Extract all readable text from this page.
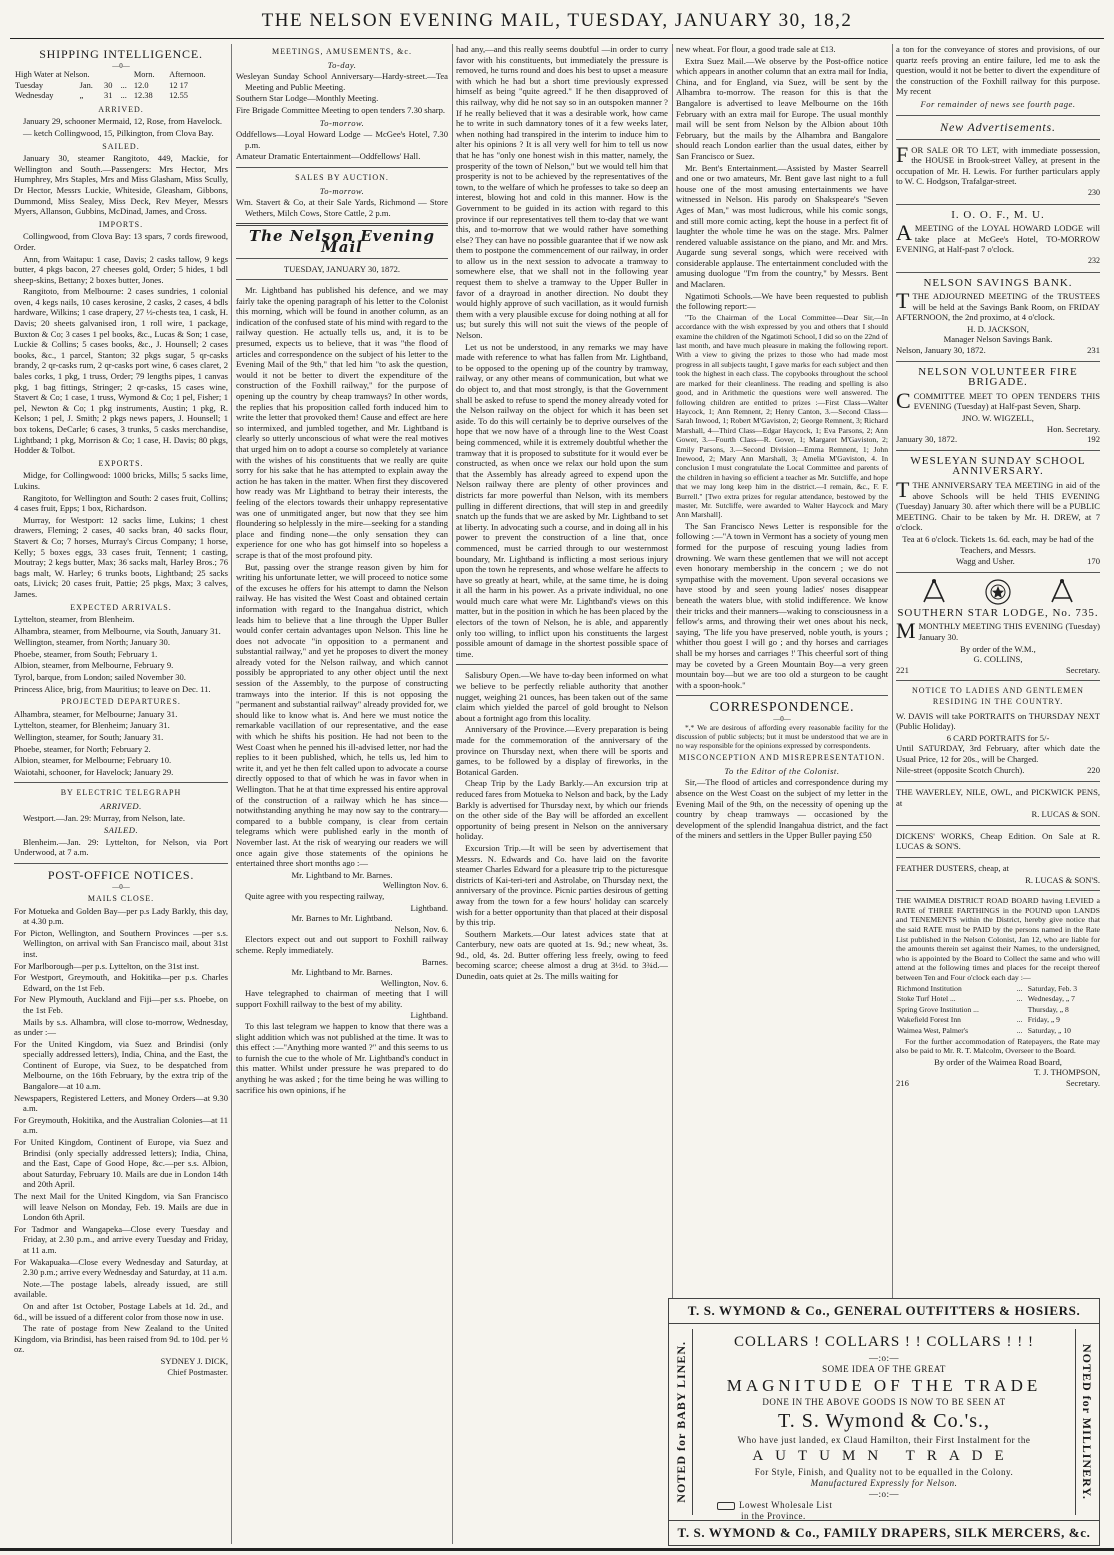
THE NELSON EVENING MAIL, TUESDAY, JANUARY 30, 18,2
SHIPPING INTELLIGENCE.
—0—
High Water at Nelson.				Morn.	Afternoon.
Tuesday	Jan.	30	...	12.0	12 17
Wednesday	„	31	...	12.38	12.55
ARRIVED.

January 29, schooner Mermaid, 12, Rose, from Havelock.

— ketch Collingwood, 15, Pilkington, from Clova Bay.

SAILED.

January 30, steamer Rangitoto, 449, Mackie, for Wellington and South.—Passengers: Mrs Hector, Mrs Humphrey, Mrs Staples, Mrs and Miss Glasham, Miss Scully, Dr Hector, Messrs Luckie, Whiteside, Gleasham, Gibbons, Dummond, Miss Sealey, Miss Deck, Rev Meyer, Messrs Myers, Allanson, Gubbins, McDinad, James, and Cross.

IMPORTS.

Collingwood, from Clova Bay: 13 spars, 7 cords firewood, Order.

Ann, from Waitapu: 1 case, Davis; 2 casks tallow, 9 kegs butter, 4 pkgs bacon, 27 cheeses gold, Order; 5 hides, 1 bdl sheep-skins, Bettany; 2 boxes butter, Jones.

Rangitoto, from Melbourne: 2 cases sundries, 1 colonial oven, 4 kegs nails, 10 cases kerosine, 2 casks, 2 cases, 4 bdls hardware, Wilkins; 1 case drapery, 27 ½-chests tea, 1 cask, H. Davis; 20 sheets galvanised iron, 1 roll wire, 1 package, Buxton & Co; 3 cases 1 pel books, &c., Lucas & Son; 1 case, Luckie & Collins; 5 cases books, &c., J. Hounsell; 2 cases books, &c., 1 parcel, Stanton; 32 pkgs sugar, 5 qr-casks brandy, 2 qr-casks rum, 2 qr-casks port wine, 6 cases claret, 2 bales corks, 1 pkg, 1 truss, Order; 79 lengths pipes, 1 canvas pkg, 1 bag fittings, Stringer; 2 qr-casks, 15 cases wine, Stavert & Co; 1 case, 1 truss, Wymond & Co; 1 pel, Fisher; 1 pel, Newton & Co; 1 pkg instruments, Austin; 1 pkg, R. Kelson; 1 pel, J. Smith; 2 pkgs news papers, J. Hounsell; 1 box tokens, DeCarle; 6 cases, 3 trunks, 5 casks merchandise, Lightband; 1 pkg, Morrison & Co; 1 case, H. Davis; 80 pkgs, Hodder & Tolbot.

EXPORTS.

Midge, for Collingwood: 1000 bricks, Mills; 5 sacks lime, Lukins.

Rangitoto, for Wellington and South: 2 cases fruit, Collins; 4 cases fruit, Epps; 1 box, Richardson.

Murray, for Westport: 12 sacks lime, Lukins; 1 chest drawers, Fleming; 2 cases, 40 sacks bran, 40 sacks flour, Stavert & Co; 7 horses, Murray's Circus Company; 1 horse, Kelly; 5 boxes eggs, 33 cases fruit, Tennent; 1 casting, Moutray; 2 kegs butter, Max; 36 sacks malt, Harley Bros.; 76 bags malt, W. Harley; 6 trunks boots, Lightband; 25 sacks oats, Livick; 20 cases fruit, Pattie; 25 pkgs, Max; 3 calves, James.

EXPECTED ARRIVALS.

Lyttelton, steamer, from Blenheim.

Alhambra, steamer, from Melbourne, via South, January 31.

Wellington, steamer, from North; January 30.

Phoebe, steamer, from South; February 1.

Albion, steamer, from Melbourne, February 9.

Tyrol, barque, from London; sailed November 30.

Princess Alice, brig, from Mauritius; to leave on Dec. 11.

PROJECTED DEPARTURES.

Alhambra, steamer, for Melbourne; January 31.

Lyttelton, steamer, for Blenheim; January 31.

Wellington, steamer, for South; January 31.

Phoebe, steamer, for North; February 2.

Albion, steamer, for Melbourne; February 10.

Waiotahi, schooner, for Havelock; January 29.

BY ELECTRIC TELEGRAPH
ARRIVED.

Westport.—Jan. 29: Murray, from Nelson, late.

SAILED.

Blenheim.—Jan. 29: Lyttelton, for Nelson, via Port Underwood, at 7 a.m.

POST-OFFICE NOTICES.
—0—
MAILS CLOSE.

For Motueka and Golden Bay—per p.s Lady Barkly, this day, at 4.30 p.m.

For Picton, Wellington, and Southern Provinces —per s.s. Wellington, on arrival with San Francisco mail, about 31st inst.

For Marlborough—per p.s. Lyttelton, on the 31st inst.

For Westport, Greymouth, and Hokitika—per p.s. Charles Edward, on the 1st Feb.

For New Plymouth, Auckland and Fiji—per s.s. Phoebe, on the 1st Feb.

Mails by s.s. Alhambra, will close to-morrow, Wednesday, as under :—

For the United Kingdom, via Suez and Brindisi (only specially addressed letters), India, China, and the East, the Continent of Europe, via Suez, to be despatched from Melbourne, on the 16th February, by the extra trip of the Bangalore—at 10 a.m.

Newspapers, Registered Letters, and Money Orders—at 9.30 a.m.

For Greymouth, Hokitika, and the Australian Colonies—at 11 a.m.

For United Kingdom, Continent of Europe, via Suez and Brindisi (only specially addressed letters); India, China, and the East, Cape of Good Hope, &c.—per s.s. Albion, about Saturday, February 10. Mails are due in London 14th and 20th April.

The next Mail for the United Kingdom, via San Francisco will leave Nelson on Monday, Feb. 19. Mails are due in London 6th April.

For Tadmor and Wangapeka—Close every Tuesday and Friday, at 2.30 p.m., and arrive every Tuesday and Friday, at 11 a.m.

For Wakapuaka—Close every Wednesday and Saturday, at 2.30 p.m.; arrive every Wednesday and Saturday, at 11 a.m.

Note.—The postage labels, already issued, are still available.

On and after 1st October, Postage Labels at 1d. 2d., and 6d., will be issued of a different color from those now in use.

The rate of postage from New Zealand to the United Kingdom, via Brindisi, has been raised from 9d. to 10d. per ½ oz.

SYDNEY J. DICK,
Chief Postmaster.
MEETINGS, AMUSEMENTS, &c.
To-day.

Wesleyan Sunday School Anniversary—Hardy-street.—Tea Meeting and Public Meeting.

Southern Star Lodge—Monthly Meeting.

Fire Brigade Committee Meeting to open tenders 7.30 sharp.

To-morrow.

Oddfellows—Loyal Howard Lodge — McGee's Hotel, 7.30 p.m.

Amateur Dramatic Entertainment—Oddfellows' Hall.

SALES BY AUCTION.
To-morrow.

Wm. Stavert & Co, at their Sale Yards, Richmond — Store Wethers, Milch Cows, Store Cattle, 2 p.m.

The Nelson Evening Mail
TUESDAY, JANUARY 30, 1872.

Mr. Lightband has published his defence, and we may fairly take the opening paragraph of his letter to the Colonist this morning, which will be found in another column, as an indication of the confused state of his mind with regard to the railway question. He actually tells us, and, it is to be presumed, expects us to believe, that it was "the flood of articles and correspondence on the subject of his letter to the Evening Mail of the 9th," that led him "to ask the question, would it not be better to divert the expenditure of the construction of the Foxhill railway," for the purpose of opening up the country by cheap tramways? In other words, the replies that his proposition called forth induced him to write the letter that provoked them! Cause and effect are here so intermixed, and jumbled together, and Mr. Lightband is clearly so utterly unconscious of what were the real motives that urged him on to adopt a course so completely at variance with the wishes of his constituents that we really are quite sorry for his sake that he has attempted to explain away the action he has taken in the matter. When first they discovered how ready was Mr Lightband to betray their interests, the feeling of the electors towards their unhappy representative was one of unmitigated anger, but now that they see him floundering so helplessly in the mire—seeking for a standing place and finding none—the only sensation they can experience for one who has got himself into so hopeless a scrape is that of the most profound pity.

But, passing over the strange reason given by him for writing his unfortunate letter, we will proceed to notice some of the excuses he offers for his attempt to damn the Nelson railway. He has visited the West Coast and obtained certain information with regard to the Inangahua district, which leads him to believe that a line through the Upper Buller would confer certain advantages upon Nelson. This line he does not advocate "in opposition to a permanent and substantial railway," and yet he proposes to divert the money already voted for the Nelson railway, and which cannot possibly be appropriated to any other object until the next session of the Assembly, to the purpose of constructing tramways into the interior. If this is not opposing the "permanent and substantial railway" already provided for, we should like to know what is. And here we must notice the remarkable vacillation of our representative, and the ease with which he shifts his position. He had not been to the West Coast when he penned his ill-advised letter, nor had the replies to it been published, which, he tells us, led him to write it, and yet he then felt called upon to advocate a course directly opposed to that of which he was in favor when in Wellington. That he at that time expressed his entire approval of the construction of a railway which he has since—notwithstanding anything he may now say to the contrary—compared to a bubble company, is clear from certain telegrams which were published early in the month of November last. At the risk of wearying our readers we will once again give those statements of the opinions he entertained three short months ago :—

Mr. Lightband to Mr. Barnes.
Wellington Nov. 6.

Quite agree with you respecting railway,

Lightband.
Mr. Barnes to Mr. Lightband.
Nelson, Nov. 6.

Electors expect out and out support to Foxhill railway scheme. Reply immediately.

Barnes.
Mr. Lightband to Mr. Barnes.
Wellington, Nov. 6.

Have telegraphed to chairman of meeting that I will support Foxhill railway to the best of my ability.

Lightband.

To this last telegram we happen to know that there was a slight addition which was not published at the time. It was to this effect :—"Anything more wanted ?" and this seems to us to furnish the cue to the whole of Mr. Lightband's conduct in this matter. Whilst under pressure he was prepared to do anything he was asked ; for the time being he was willing to sacrifice his own opinions, if he

had any,—and this really seems doubtful —in order to curry favor with his constituents, but immediately the pressure is removed, he turns round and does his best to upset a measure with which he had but a short time previously expressed himself as being "quite agreed." If he then disapproved of this railway, why did he not say so in an outspoken manner ? If he really believed that it was a desirable work, how came he to write in such damnatory tones of it a few weeks later, when nothing had transpired in the interim to induce him to alter his opinions ? It is all very well for him to tell us now that he has "only one honest wish in this matter, namely, the prosperity of the town of Nelson," but we would tell him that prosperity is not to be achieved by the representatives of the town, to the welfare of which he professes to take so deep an interest, blowing hot and cold in this manner. How is the Government to be guided in its action with regard to this province if our representatives tell them to-day that we want this, and to-morrow that we would rather have something else? They can have no possible guarantee that if we now ask them to postpone the commencement of our railway, in order to allow us in the next session to advocate a tramway to somewhere else, that we shall not in the following year request them to shelve a tramway to the Upper Buller in favor of a drayroad in another direction. No doubt they would highly approve of such vacillation, as it would furnish them with a very plausible excuse for doing nothing at all for us; but surely this will not suit the views of the people of Nelson.

Let us not be understood, in any remarks we may have made with reference to what has fallen from Mr. Lightband, to be opposed to the opening up of the country by tramway, railway, or any other means of communication, but what we do object to, and that most strongly, is that the Government shall be asked to refuse to spend the money already voted for the Nelson railway on the object for which it has been set aside. To do this will certainly be to deprive ourselves of the hope that we now have of a through line to the West Coast being commenced, while it is extremely doubtful whether the tramway that it is proposed to substitute for it would ever be constructed, as when once we relax our hold upon the sum that the Assembly has already agreed to expend upon the Nelson railway there are plenty of other provinces and districts far more powerful than Nelson, with its members pulling in different directions, that will step in and greedily snatch up the funds that we are asked by Mr. Lightband to set at liberty. In advocating such a course, and in doing all in his power to prevent the construction of a line that, once commenced, must be carried through to our westernmost boundary, Mr. Lightband is inflicting a most serious injury upon the town he represents, and whose welfare he affects to have so greatly at heart, while, at the same time, he is doing it all the harm in his power. As a private individual, no one would much care what were Mr. Lightband's views on this matter, but in the position in which he has been placed by the electors of the town of Nelson, he is able, and apparently only too willing, to inflict upon his constituents the largest possible amount of damage in the shortest possible space of time.

Salisbury Open.—We have to-day been informed on what we believe to be perfectly reliable authority that another nugget, weighing 21 ounces, has been taken out of the same claim which yielded the parcel of gold brought to Nelson about a fortnight ago from this locality.

Anniversary of the Province.—Every preparation is being made for the commemoration of the anniversary of the province on Thursday next, when there will be sports and games, to be followed by a display of fireworks, in the Botanical Garden.

Cheap Trip by the Lady Barkly.—An excursion trip at reduced fares from Motueka to Nelson and back, by the Lady Barkly is advertised for Thursday next, by which our friends on the other side of the Bay will be afforded an excellent opportunity of being present in Nelson on the anniversary holiday.

Excursion Trip.—It will be seen by advertisement that Messrs. N. Edwards and Co. have laid on the favorite steamer Charles Edward for a pleasure trip to the picturesque districts of Kai-teri-teri and Astrolabe, on Thursday next, the anniversary of the province. Picnic parties desirous of getting away from the town for a few hours' holiday can scarcely wish for a better opportunity than that placed at their disposal by this trip.

Southern Markets.—Our latest advices state that at Canterbury, new oats are quoted at 1s. 9d.; new wheat, 3s. 9d., old, 4s. 2d. Butter offering less freely, owing to feed becoming scarce; cheese almost a drug at 3½d. to 3¾d.—Dunedin, oats quiet at 2s. The mills waiting for

new wheat. For flour, a good trade sale at £13.

Extra Suez Mail.—We observe by the Post-office notice which appears in another column that an extra mail for India, China, and for England, via Suez, will be sent by the Alhambra to-morrow. The reason for this is that the Bangalore is advertised to leave Melbourne on the 16th February with an extra mail for Europe. The usual monthly mail will be sent from Nelson by the Albion about 10th February, but the mails by the Alhambra and Bangalore should reach London earlier than the usual dates, either by San Francisco or Suez.

Mr. Bent's Entertainment.—Assisted by Master Searrell and one or two amateurs, Mr. Bent gave last night to a full house one of the most amusing entertainments we have witnessed in Nelson. His parody on Shakspeare's "Seven Ages of Man," was most ludicrous, while his comic songs, and still more comic acting, kept the house in a perfect fit of laughter the whole time he was on the stage. Mrs. Palmer rendered valuable assistance on the piano, and Mr. and Mrs. Augarde sung several songs, which were received with considerable applause. The entertainment concluded with the amusing duologue "I'm from the country," by Messrs. Bent and Maclaren.

Ngatimoti Schools.—We have been requested to publish the following report:—

"To the Chairman of the Local Committee—Dear Sir,—In accordance with the wish expressed by you and others that I should examine the children of the Ngatimoti School, I did so on the 22nd of last month, and have much pleasure in making the following report. With a view to giving the prizes to those who had made most progress in all subjects taught, I gave marks for each subject and then took the highest in each class. The copybooks throughout the school are marked for their cleanliness. The reading and spelling is also good, and in Arithmetic the questions were well answered. The following children are entitled to prizes :—First Class—Walter Haycock, 1; Ann Remnent, 2; Henry Canton, 3.—Second Class—Sarah Inwood, 1; Robert M'Gaviston, 2; George Remnent, 3; Richard Marshall, 4—Third Class—Edgar Haycock, 1; Eva Parsons, 2; Ann Gower, 3.—Fourth Class—R. Gover, 1; Margaret M'Gaviston, 2; Emily Parsons, 3.—Second Division—Emma Remnent, 1; John Inewood, 2; Mary Ann Marshall, 3; Amelia M'Gaviston, 4. In conclusion I must congratulate the Local Committee and parents of the children in having so efficient a teacher as Mr. Sutcliffe, and hope that we may long keep him in the district.—I remain, &c., F. F. Burrell." [Two extra prizes for regular attendance, bestowed by the master, Mr. Sutcliffe, were awarded to Walter Haycock and Mary Ann Marshall].

The San Francisco News Letter is responsible for the following :—"A town in Vermont has a society of young men formed for the purpose of rescuing young ladies from drowning. We warn these gentlemen that we will not accept even honorary membership in the concern ; we do not sympathise with the movement. Upon several occasions we have stood by and seen young ladies' noses disappear beneath the waters blue, with stolid indifference. We know their tricks and their manners—waking to consciousness in a fellow's arms, and throwing their wet ones about his neck, saying, 'The life you have preserved, noble youth, is yours ; whither thou goest I will go ; and thy horses and carriages shall be my horses and carriages !' This cheerful sort of thing may be coveted by a Green Mountain Boy—a very green mountain boy—but we are too old a sturgeon to be caught with a spoon-hook."

CORRESPONDENCE.
—0—

*,* We are desirous of affording every reasonable facility for the discussion of public subjects; but it must be understood that we are in no way responsible for the opinions expressed by correspondents.

MISCONCEPTION AND MISREPRESENTATION.
To the Editor of the Colonist.

Sir,—The flood of articles and correspondence during my absence on the West Coast on the subject of my letter in the Evening Mail of the 9th, on the necessity of opening up the country by cheap tramways — occasioned by the development of the splendid Inangahua district, and the fact of the miners and settlers in the Upper Buller paying £50

a ton for the conveyance of stores and provisions, of our quartz reefs proving an entire failure, led me to ask the question, would it not be better to divert the expenditure of the construction of the Foxhill railway for this purpose. My recent

For remainder of news see fourth page.
New Advertisements.
F OR SALE OR TO LET, with immediate possession, the HOUSE in Brook-street Valley, at present in the occupation of Mr. H. Lewis. For further particulars apply to W. C. Hodgson, Trafalgar-street.

230
I. O. O. F., M. U.
A MEETING of the LOYAL HOWARD LODGE will take place at McGee's Hotel, TO-MORROW EVENING, at Half-past 7 o'clock.

232
NELSON SAVINGS BANK.
T THE ADJOURNED MEETING of the TRUSTEES will be held at the Savings Bank Room, on FRIDAY AFTERNOON, the 2nd proximo, at 4 o'clock.

H. D. JACKSON,
Manager Nelson Savings Bank.
Nelson, January 30, 1872.	231
NELSON VOLUNTEER FIRE BRIGADE.
C COMMITTEE MEET TO OPEN TENDERS THIS EVENING (Tuesday) at Half-past Seven, Sharp.

JNO. W. WIGZELL,
Hon. Secretary.
January 30, 1872.	192
WESLEYAN SUNDAY SCHOOL ANNIVERSARY.
T THE ANNIVERSARY TEA MEETING in aid of the above Schools will be held THIS EVENING (Tuesday) January 30. after which there will be a PUBLIC MEETING. Chair to be taken by Mr. H. DREW, at 7 o'clock.

Tea at 6 o'clock. Tickets 1s. 6d. each, may be had of the Teachers, and Messrs.

Wagg and Usher.	170
SOUTHERN STAR LODGE, No. 735.
M MONTHLY MEETING THIS EVENING (Tuesday) January 30.

By order of the W.M.,
G. COLLINS,
221	Secretary.
NOTICE TO LADIES AND GENTLEMEN RESIDING IN THE COUNTRY.

W. DAVIS will take PORTRAITS on THURSDAY NEXT (Public Holiday).

6 CARD PORTRAITS for 5/-

Until SATURDAY, 3rd February, after which date the Usual Price, 12 for 20s., will be Charged.

Nile-street (opposite Scotch Church).	220

THE WAVERLEY, NILE, OWL, and PICKWICK PENS, at

R. LUCAS & SON.

DICKENS' WORKS, Cheap Edition. On Sale at R. LUCAS & SON'S.

FEATHER DUSTERS, cheap, at

R. LUCAS & SON'S.

THE WAIMEA DISTRICT ROAD BOARD having LEVIED a RATE of THREE FARTHINGS in the POUND upon LANDS and TENEMENTS within the District, hereby give notice that the said RATE must be PAID by the persons named in the Rate List published in the Nelson Colonist, Jan 12, who are liable for the amounts therein set against their Names, to the undersigned, who is appointed by the Board to Collect the same and who will attend at the following times and places for the receipt thereof between Ten and Four o'clock each day :—

Richmond Institution	...	Saturday, Feb. 3
Stoke Turf Hotel ...	...	Wednesday, „ 7
Spring Grove Institution ...		Thursday, „ 8
Wakefield Forest Inn	...	Friday, „ 9
Waimea West, Palmer's	...	Saturday, „ 10

For the further accommodation of Ratepayers, the Rate may also be paid to Mr. R. T. Malcolm, Overseer to the Board.

By order of the Waimea Road Board,
T. J. THOMPSON,
216	Secretary.
T. S. WYMOND & Co., GENERAL OUTFITTERS & HOSIERS.
NOTED for BABY LINEN.	NOTED for MILLINERY.
COLLARS ! COLLARS ! ! COLLARS ! ! !
—:o:—
SOME IDEA OF THE GREAT
MAGNITUDE OF THE TRADE
DONE IN THE ABOVE GOODS IS NOW TO BE SEEN AT
T. S. Wymond & Co.'s.,
Who have just landed, ex Claud Hamilton, their First Instalment for the
AUTUMN TRADE
For Style, Finish, and Quality not to be equalled in the Colony.
Manufactured Expressly for Nelson.
—:o:—
Lowest Wholesale List
in the Province.
T. S. WYMOND & Co., FAMILY DRAPERS, SILK MERCERS, &c.
